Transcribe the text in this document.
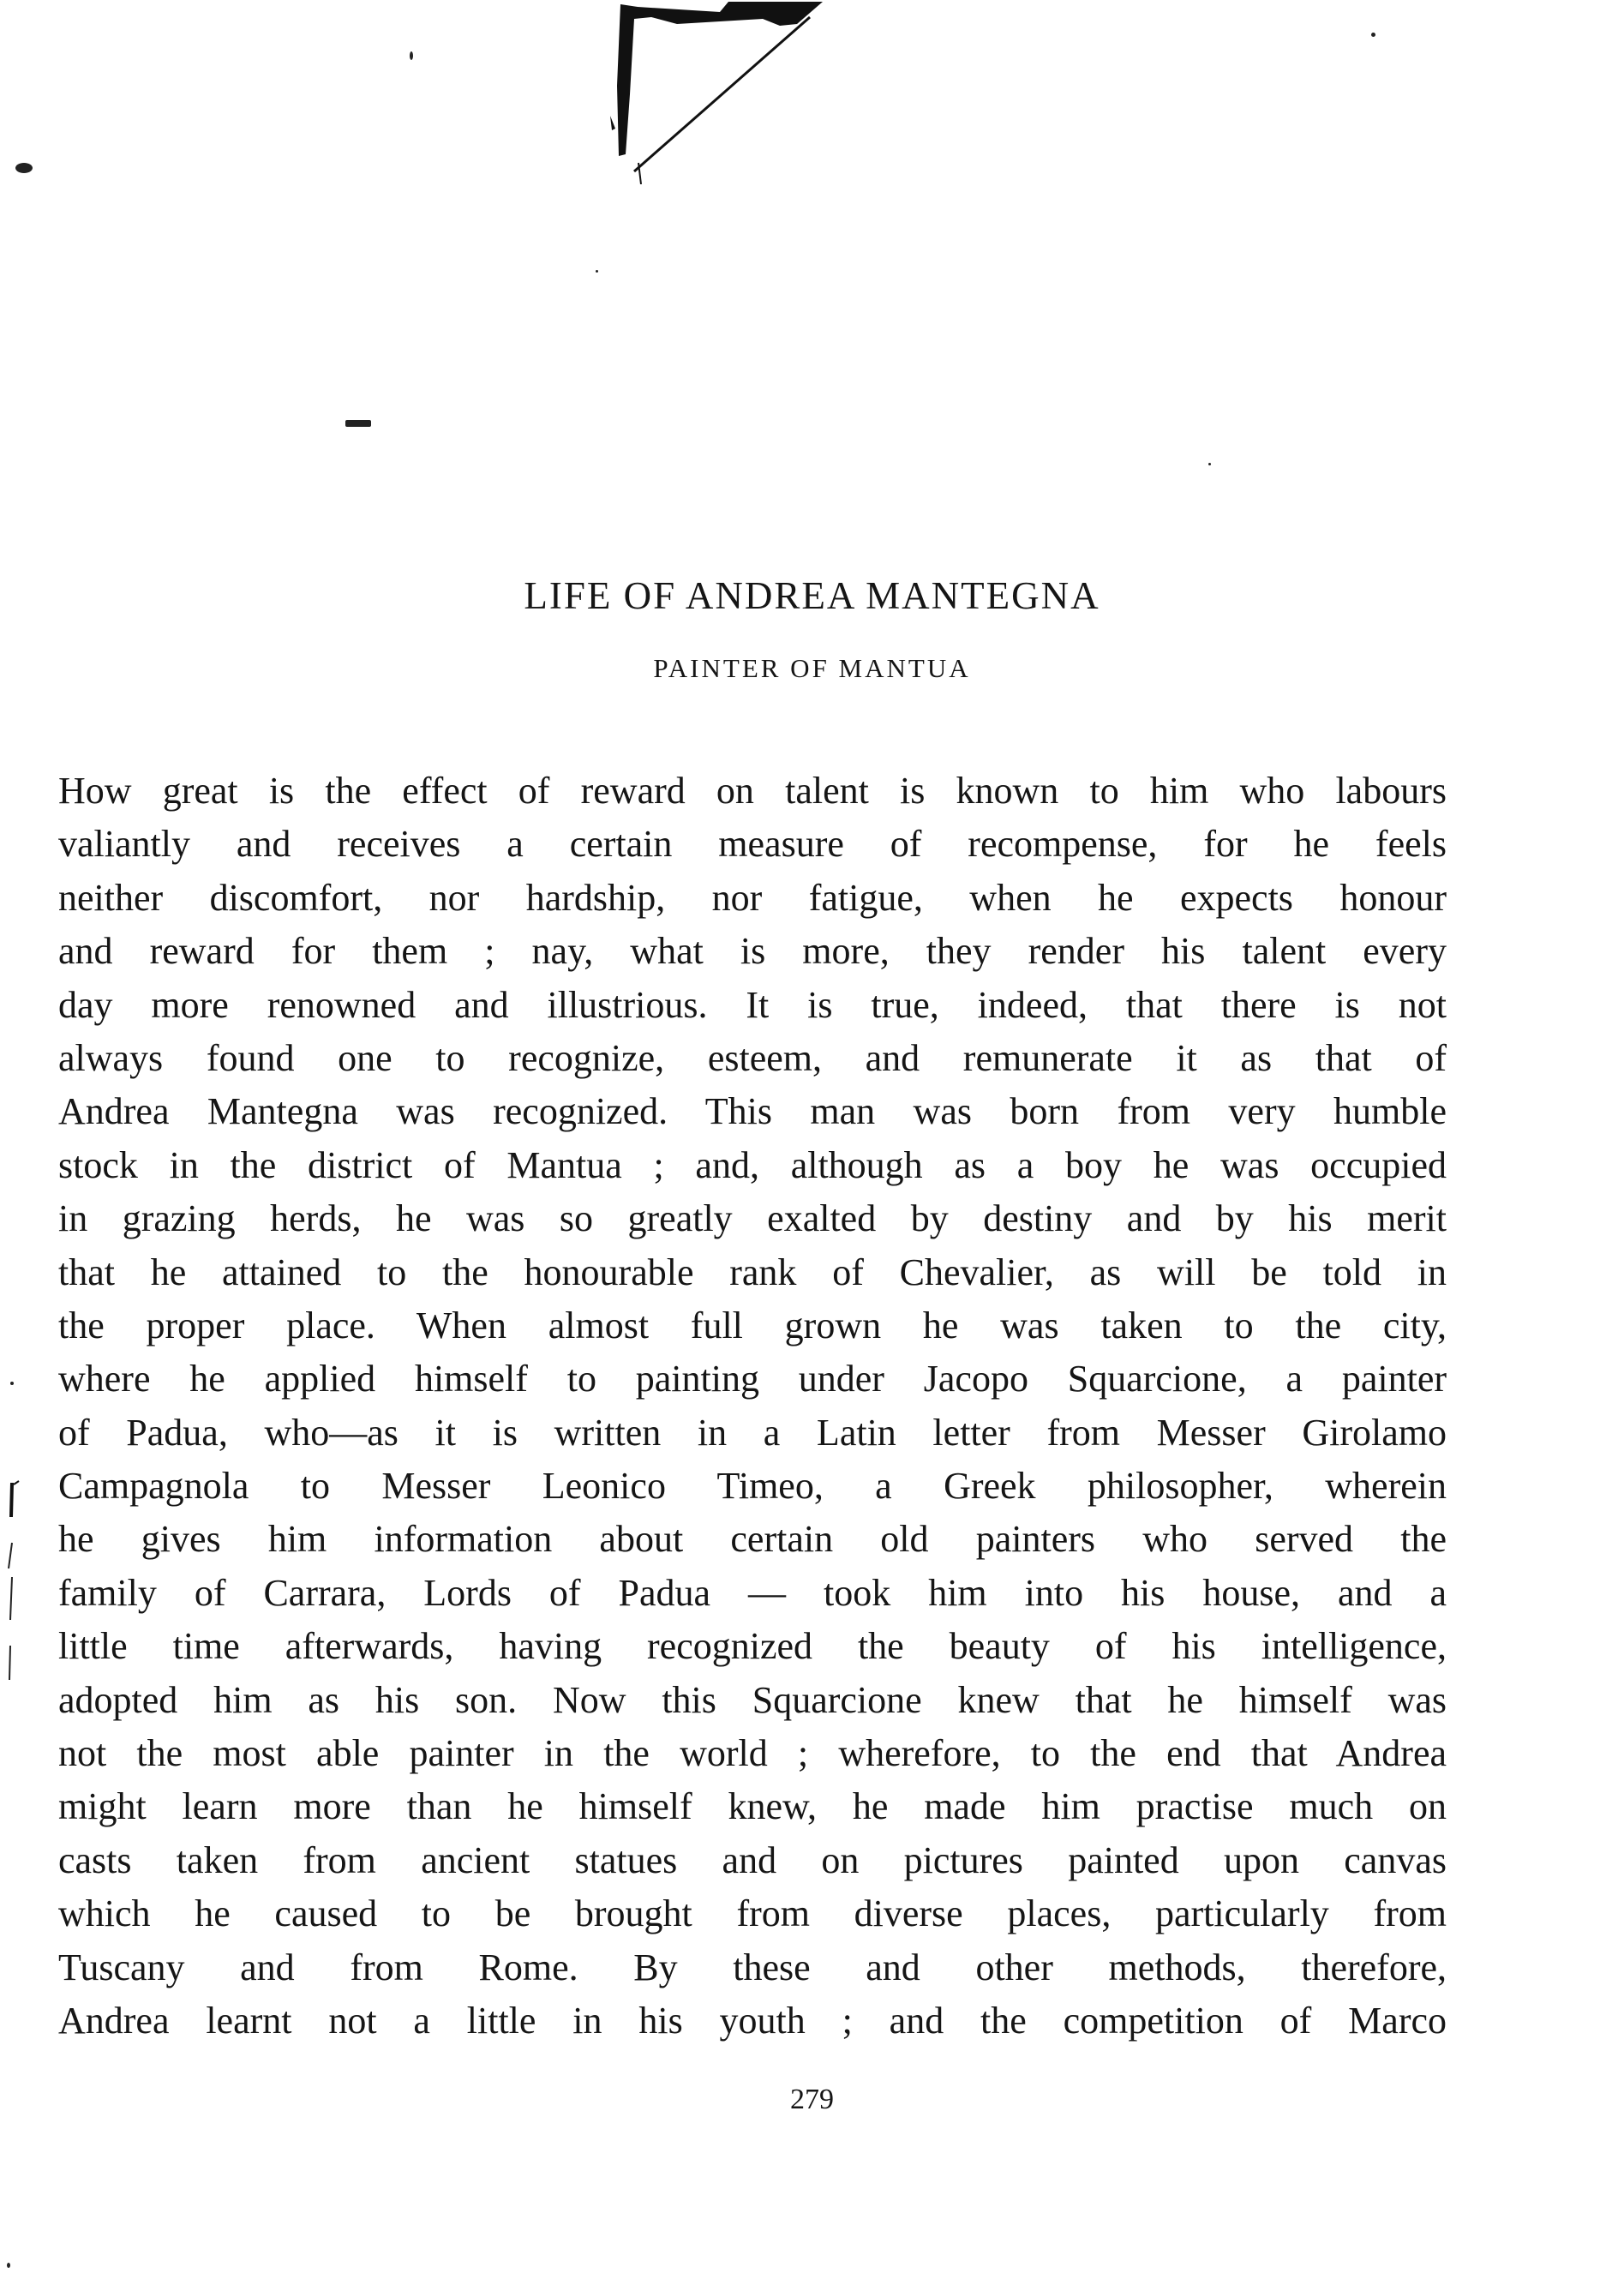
LIFE OF ANDREA MANTEGNA
PAINTER OF MANTUA
How great is the effect of reward on talent is known to him who labours
valiantly and receives a certain measure of recompense, for he feels
neither discomfort, nor hardship, nor fatigue, when he expects honour
and reward for them ; nay, what is more, they render his talent every
day more renowned and illustrious. It is true, indeed, that there is not
always found one to recognize, esteem, and remunerate it as that of
Andrea Mantegna was recognized. This man was born from very humble
stock in the district of Mantua ; and, although as a boy he was occupied
in grazing herds, he was so greatly exalted by destiny and by his merit
that he attained to the honourable rank of Chevalier, as will be told in
the proper place. When almost full grown he was taken to the city,
where he applied himself to painting under Jacopo Squarcione, a painter
of Padua, who—as it is written in a Latin letter from Messer Girolamo
Campagnola to Messer Leonico Timeo, a Greek philosopher, wherein
he gives him information about certain old painters who served the
family of Carrara, Lords of Padua — took him into his house, and a
little time afterwards, having recognized the beauty of his intelligence,
adopted him as his son. Now this Squarcione knew that he himself was
not the most able painter in the world ; wherefore, to the end that Andrea
might learn more than he himself knew, he made him practise much on
casts taken from ancient statues and on pictures painted upon canvas
which he caused to be brought from diverse places, particularly from
Tuscany and from Rome. By these and other methods, therefore,
Andrea learnt not a little in his youth ; and the competition of Marco
279
